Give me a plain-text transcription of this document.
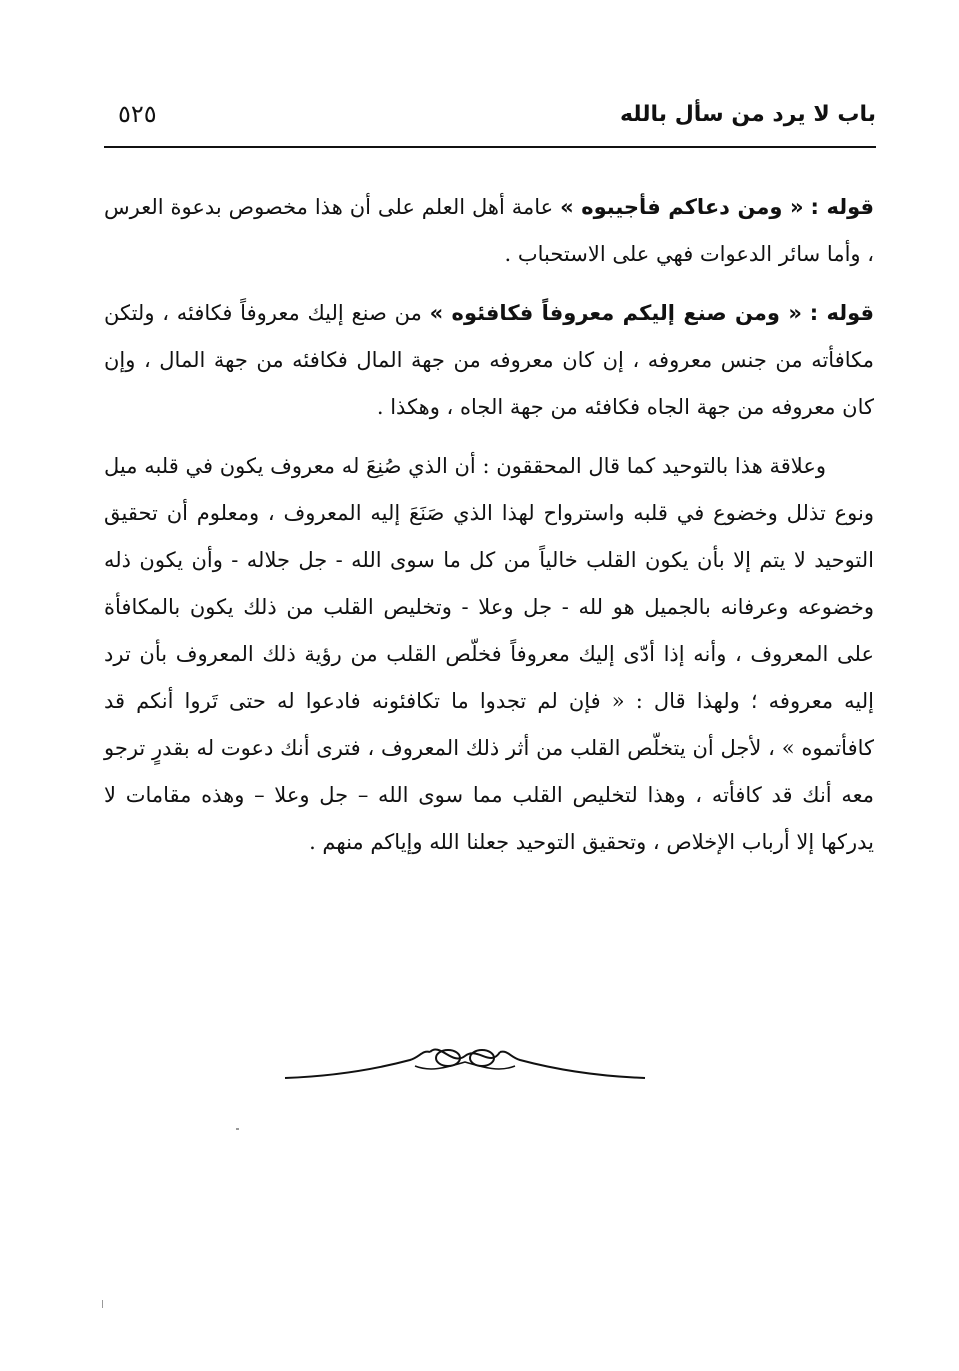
باب لا يرد من سأل بالله
٥٢٥

قوله : « ومن دعاكم فأجيبوه » عامة أهل العلم على أن هذا مخصوص بدعوة العرس ، وأما سائر الدعوات فهي على الاستحباب .

قوله : « ومن صنع إليكم معروفاً فكافئوه » من صنع إليك معروفاً فكافئه ، ولتكن مكافأته من جنس معروفه ، إن كان معروفه من جهة المال فكافئه من جهة المال ، وإن كان معروفه من جهة الجاه فكافئه من جهة الجاه ، وهكذا .

وعلاقة هذا بالتوحيد كما قال المحققون : أن الذي صُنِعَ له معروف يكون في قلبه ميل ونوع تذلل وخضوع في قلبه واسترواح لهذا الذي صَنَعَ إليه المعروف ، ومعلوم أن تحقيق التوحيد لا يتم إلا بأن يكون القلب خالياً من كل ما سوى الله - جل جلاله - وأن يكون ذله وخضوعه وعرفانه بالجميل هو لله - جل وعلا - وتخليص القلب من ذلك يكون بالمكافأة على المعروف ، وأنه إذا أدّى إليك معروفاً فخلّص القلب من رؤية ذلك المعروف بأن ترد إليه معروفه ؛ ولهذا قال : « فإن لم تجدوا ما تكافئونه فادعوا له حتى تَروا أنكم قد كافأتموه » ، لأجل أن يتخلّص القلب من أثر ذلك المعروف ، فترى أنك دعوت له بقدرٍ ترجو معه أنك قد كافأته ، وهذا لتخليص القلب مما سوى الله – جل وعلا – وهذه مقامات لا يدركها إلا أرباب الإخلاص ، وتحقيق التوحيد جعلنا الله وإياكم منهم .
